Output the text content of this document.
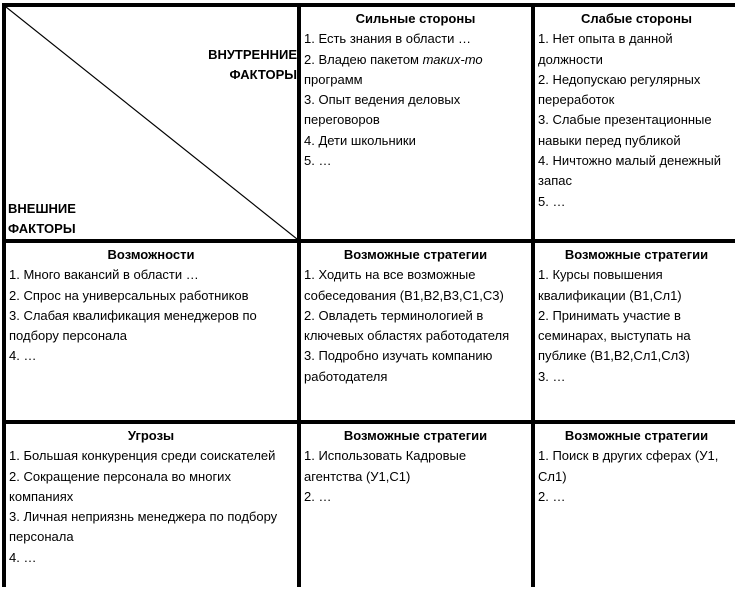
ВНУТРЕННИЕ
ФАКТОРЫ
ВНЕШНИЕ
ФАКТОРЫ
Сильные стороны
1. Есть знания в области …
2. Владею пакетом таких-то программ
3. Опыт ведения деловых переговоров
4. Дети школьники
5. …
Слабые стороны
1. Нет опыта в данной должности
2. Недопускаю регулярных переработок
3. Слабые презентационные навыки перед публикой
4. Ничтожно малый денежный запас
5. …
Возможности
1. Много вакансий в области …
2. Спрос на универсальных работников
3. Слабая квалификация менеджеров по подбору персонала
4. …
Возможные стратегии
1. Ходить на все возможные собеседования (В1,В2,В3,С1,С3)
2. Овладеть терминологией в ключевых областях работодателя
3. Подробно изучать компанию работодателя
Возможные стратегии
1. Курсы повышения квалификации (В1,Сл1)
2. Принимать участие в семинарах, выступать на публике (В1,В2,Сл1,Сл3)
3. …
Угрозы
1. Большая конкуренция среди соискателей
2. Сокращение персонала во многих компаниях
3. Личная неприязнь менеджера по подбору персонала
4. …
Возможные стратегии
1. Использовать Кадровые агентства (У1,С1)
2. …
Возможные стратегии
1. Поиск в других сферах (У1, Сл1)
2. …
